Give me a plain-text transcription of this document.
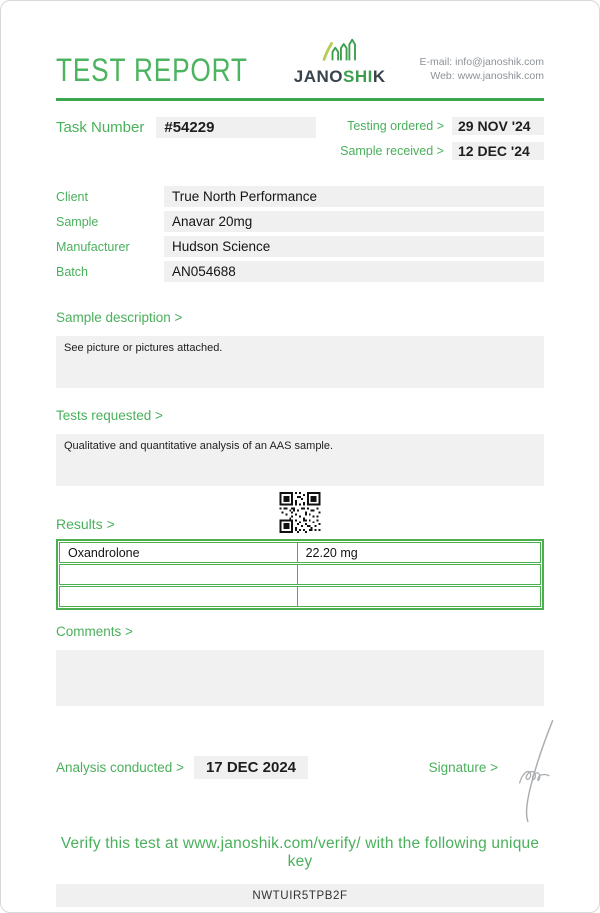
TEST REPORT	JANOSHIK
E-mail: info@janoshik.com
Web: www.janoshik.com
Task Number	#54229	Testing ordered >	29 NOV '24
Sample received >	12 DEC '24
Client	True North Performance
Sample	Anavar 20mg
Manufacturer	Hudson Science
Batch	AN054688
Sample description >
See picture or pictures attached.
Tests requested >
Qualitative and quantitative analysis of an AAS sample.
Results >
Oxandrolone	22.20 mg
Comments >
Analysis conducted >	17 DEC 2024	Signature >
Verify this test at www.janoshik.com/verify/ with the following unique key
NWTUIR5TPB2F
